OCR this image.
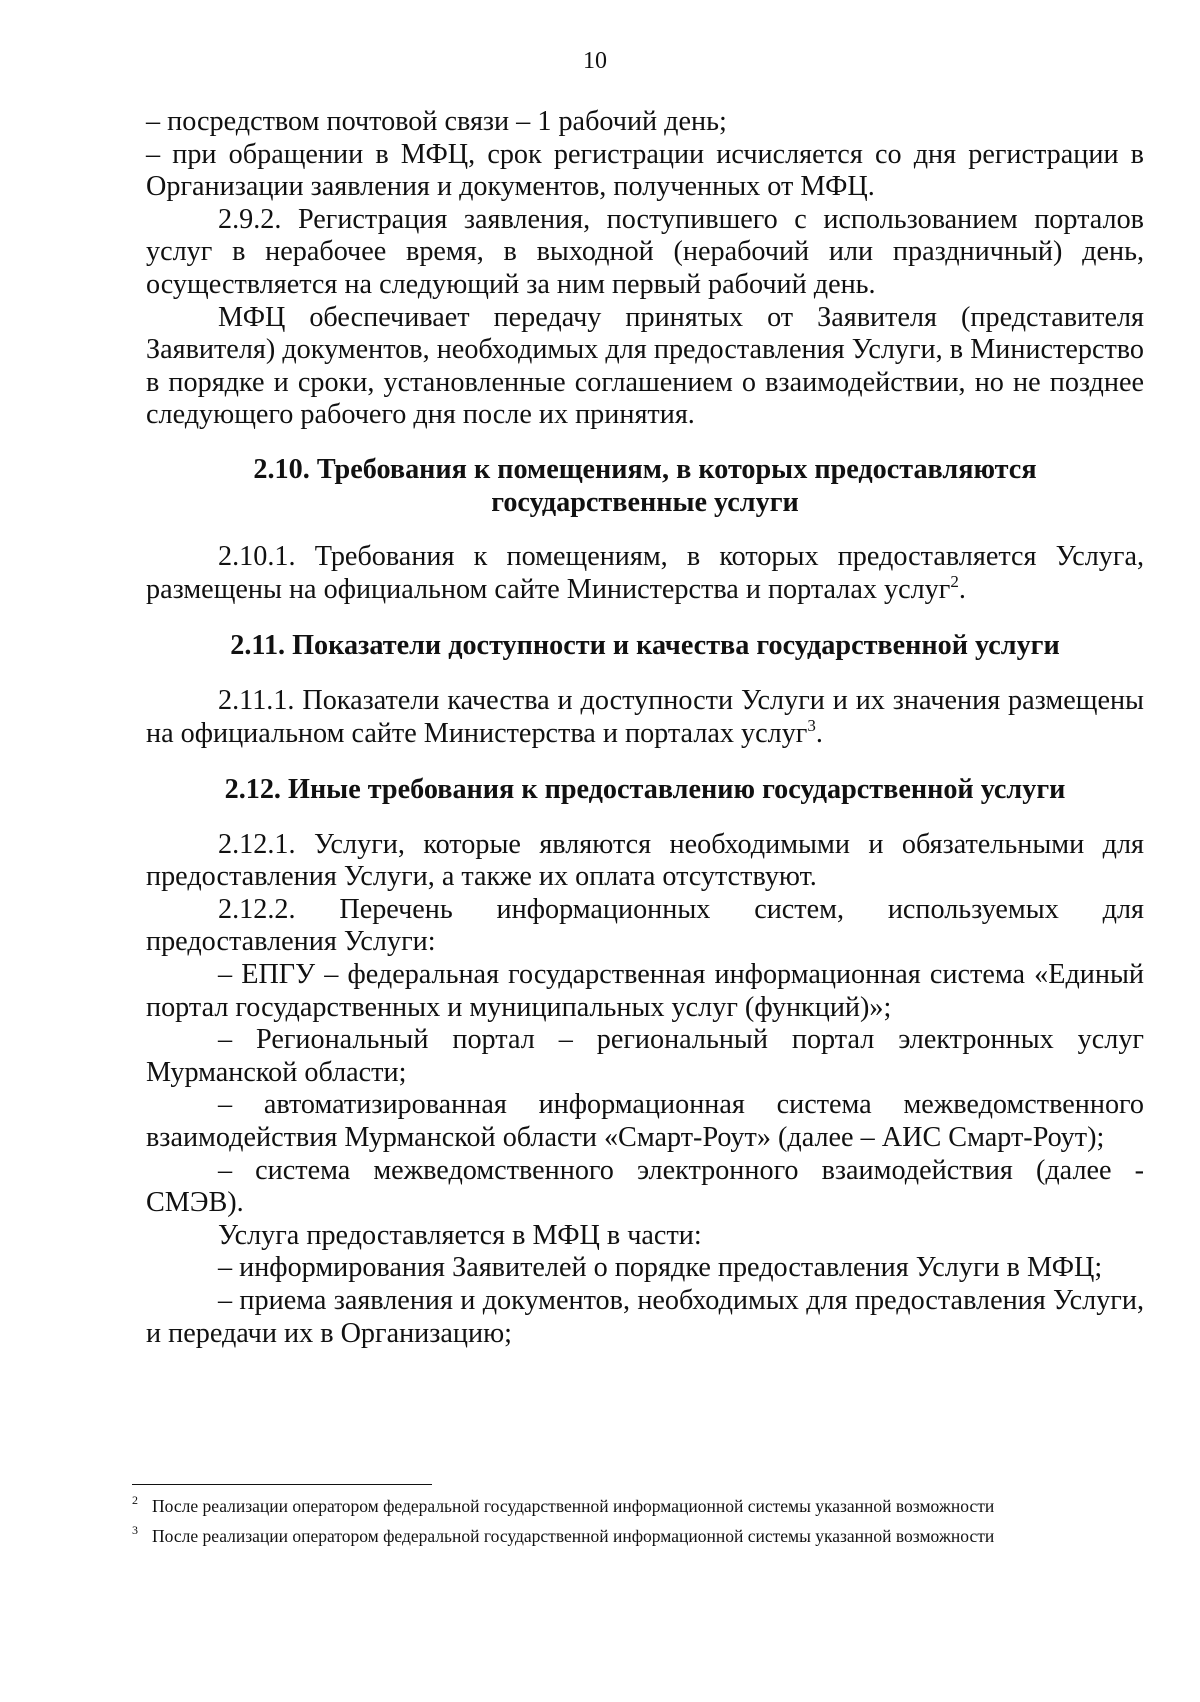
10

– посредством почтовой связи – 1 рабочий день;

– при обращении в МФЦ, срок регистрации исчисляется со дня регистрации в Организации заявления и документов, полученных от МФЦ.

2.9.2. Регистрация заявления, поступившего с использованием порталов услуг в нерабочее время, в выходной (нерабочий или праздничный) день, осуществляется на следующий за ним первый рабочий день.

МФЦ обеспечивает передачу принятых от Заявителя (представителя Заявителя) документов, необходимых для предоставления Услуги, в Министерство в порядке и сроки, установленные соглашением о взаимодействии, но не позднее следующего рабочего дня после их принятия.

2.10. Требования к помещениям, в которых предоставляются государственные услуги

2.10.1. Требования к помещениям, в которых предоставляется Услуга, размещены на официальном сайте Министерства и порталах услуг$^2$.

2.11. Показатели доступности и качества государственной услуги

2.11.1. Показатели качества и доступности Услуги и их значения размещены на официальном сайте Министерства и порталах услуг$^3$.

2.12. Иные требования к предоставлению государственной услуги

2.12.1. Услуги, которые являются необходимыми и обязательными для предоставления Услуги, а также их оплата отсутствуют.

2.12.2. Перечень информационных систем, используемых для предоставления Услуги:

– ЕПГУ – федеральная государственная информационная система «Единый портал государственных и муниципальных услуг (функций)»;

– Региональный портал – региональный портал электронных услуг Мурманской области;

– автоматизированная информационная система межведомственного взаимодействия Мурманской области «Смарт-Роут» (далее – АИС Смарт-Роут);

– система межведомственного электронного взаимодействия (далее - СМЭВ).

Услуга предоставляется в МФЦ в части:

– информирования Заявителей о порядке предоставления Услуги в МФЦ;

– приема заявления и документов, необходимых для предоставления Услуги, и передачи их в Организацию;

$^2$ После реализации оператором федеральной государственной информационной системы указанной возможности
$^3$ После реализации оператором федеральной государственной информационной системы указанной возможности
